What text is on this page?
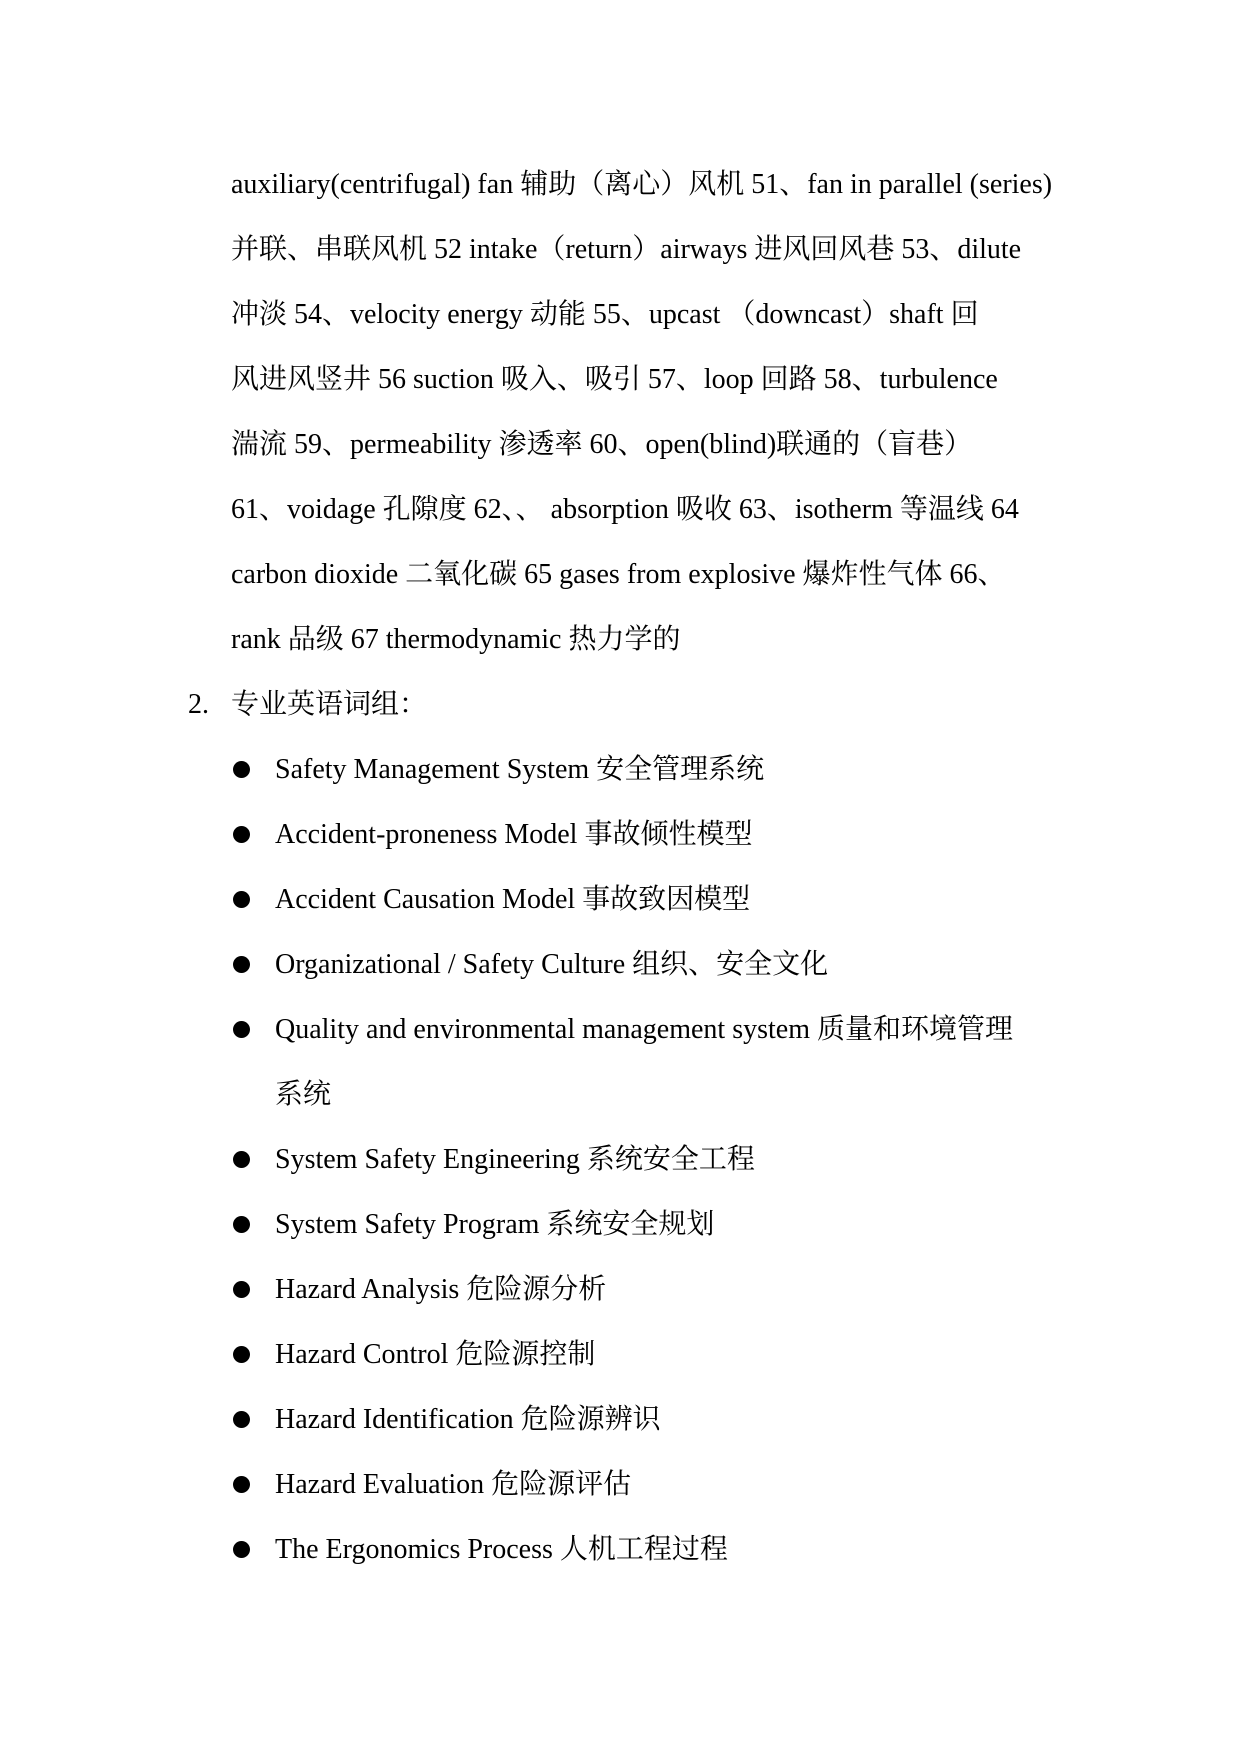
auxiliary(centrifugal) fan 辅助（离心）风机 51、fan in parallel (series)
并联、串联风机 52 intake（return）airways 进风回风巷 53、dilute
冲淡 54、velocity energy 动能 55、upcast （downcast）shaft 回
风进风竖井 56 suction 吸入、吸引 57、loop 回路 58、turbulence
湍流 59、permeability 渗透率 60、open(blind)联通的（盲巷）
61、voidage 孔隙度 62、、 absorption 吸收 63、isotherm 等温线 64
carbon dioxide 二氧化碳 65 gases from explosive 爆炸性气体 66、
rank 品级 67 thermodynamic 热力学的
2. 专业英语词组：
Safety Management System 安全管理系统
Accident-proneness Model 事故倾性模型
Accident Causation Model 事故致因模型
Organizational / Safety Culture 组织、安全文化
Quality and environmental management system 质量和环境管理
系统
System Safety Engineering 系统安全工程
System Safety Program 系统安全规划
Hazard Analysis 危险源分析
Hazard Control 危险源控制
Hazard Identification 危险源辨识
Hazard Evaluation 危险源评估
The Ergonomics Process 人机工程过程
